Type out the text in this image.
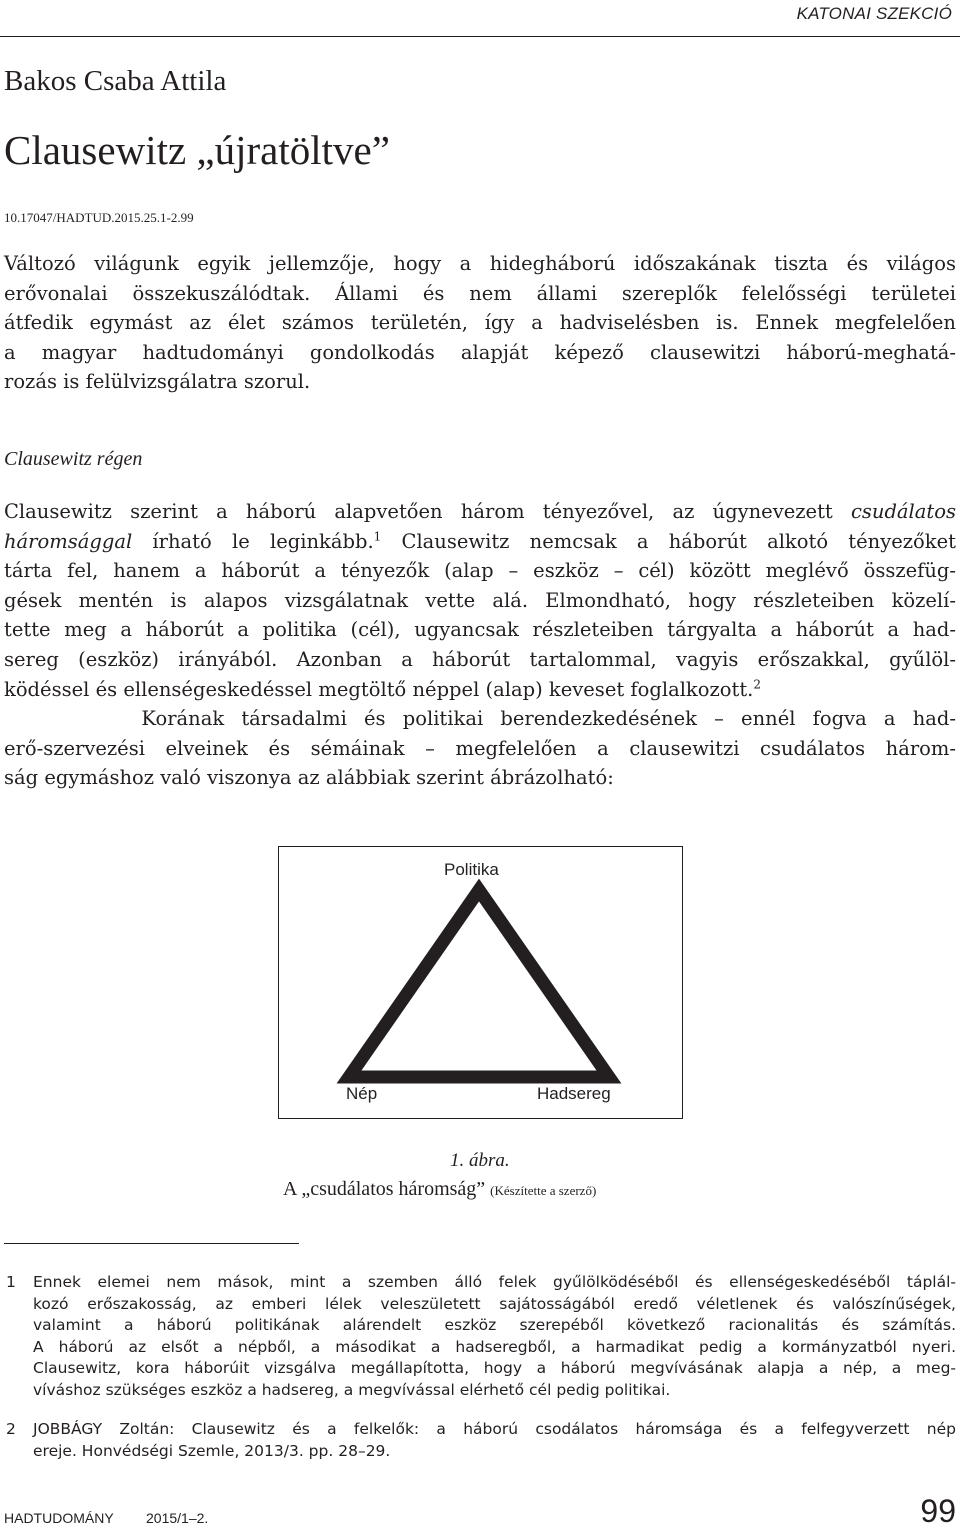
KATONAI SZEKCIÓ
Bakos Csaba Attila
Clausewitz „újratöltve”
10.17047/HADTUD.2015.25.1-2.99
Változó világunk egyik jellemzője, hogy a hidegháború időszakának tiszta és világos
erővonalai összekuszálódtak. Állami és nem állami szereplők felelősségi területei
átfedik egymást az élet számos területén, így a hadviselésben is. Ennek megfelelően
a magyar hadtudományi gondolkodás alapját képező clausewitzi háború-meghatá-
rozás is felülvizsgálatra szorul.
Clausewitz régen
Clausewitz szerint a háború alapvetően három tényezővel, az úgynevezett csudálatos
háromsággal írható le leginkább.$^1$ Clausewitz nemcsak a háborút alkotó tényezőket
tárta fel, hanem a háborút a tényezők (alap – eszköz – cél) között meglévő összefüg-
gések mentén is alapos vizsgálatnak vette alá. Elmondható, hogy részleteiben közelí-
tette meg a háborút a politika (cél), ugyancsak részleteiben tárgyalta a háborút a had-
sereg (eszköz) irányából. Azonban a háborút tartalommal, vagyis erőszakkal, gyűlöl-
ködéssel és ellenségeskedéssel megtöltő néppel (alap) keveset foglalkozott.$^2$
Korának társadalmi és politikai berendezkedésének – ennél fogva a had-
erő-szervezési elveinek és sémáinak – megfelelően a clausewitzi csudálatos három-
ság egymáshoz való viszonya az alábbiak szerint ábrázolható:
Politika
Nép	Hadsereg
1. ábra.
A „csudálatos háromság” (Készítette a szerző)
1 Ennek elemei nem mások, mint a szemben álló felek gyűlölködéséből és ellenségeskedéséből táplál-
kozó erőszakosság, az emberi lélek veleszületett sajátosságából eredő véletlenek és valószínűségek,
valamint a háború politikának alárendelt eszköz szerepéből következő racionalitás és számítás.
A háború az elsőt a népből, a másodikat a hadseregből, a harmadikat pedig a kormányzatból nyeri.
Clausewitz, kora háborúit vizsgálva megállapította, hogy a háború megvívásának alapja a nép, a meg-
víváshoz szükséges eszköz a hadsereg, a megvívással elérhető cél pedig politikai.
2 JOBBÁGY Zoltán: Clausewitz és a felkelők: a háború csodálatos háromsága és a felfegyverzett nép
ereje. Honvédségi Szemle, 2013/3. pp. 28–29.
HADTUDOMÁNY 2015/1–2.	99
